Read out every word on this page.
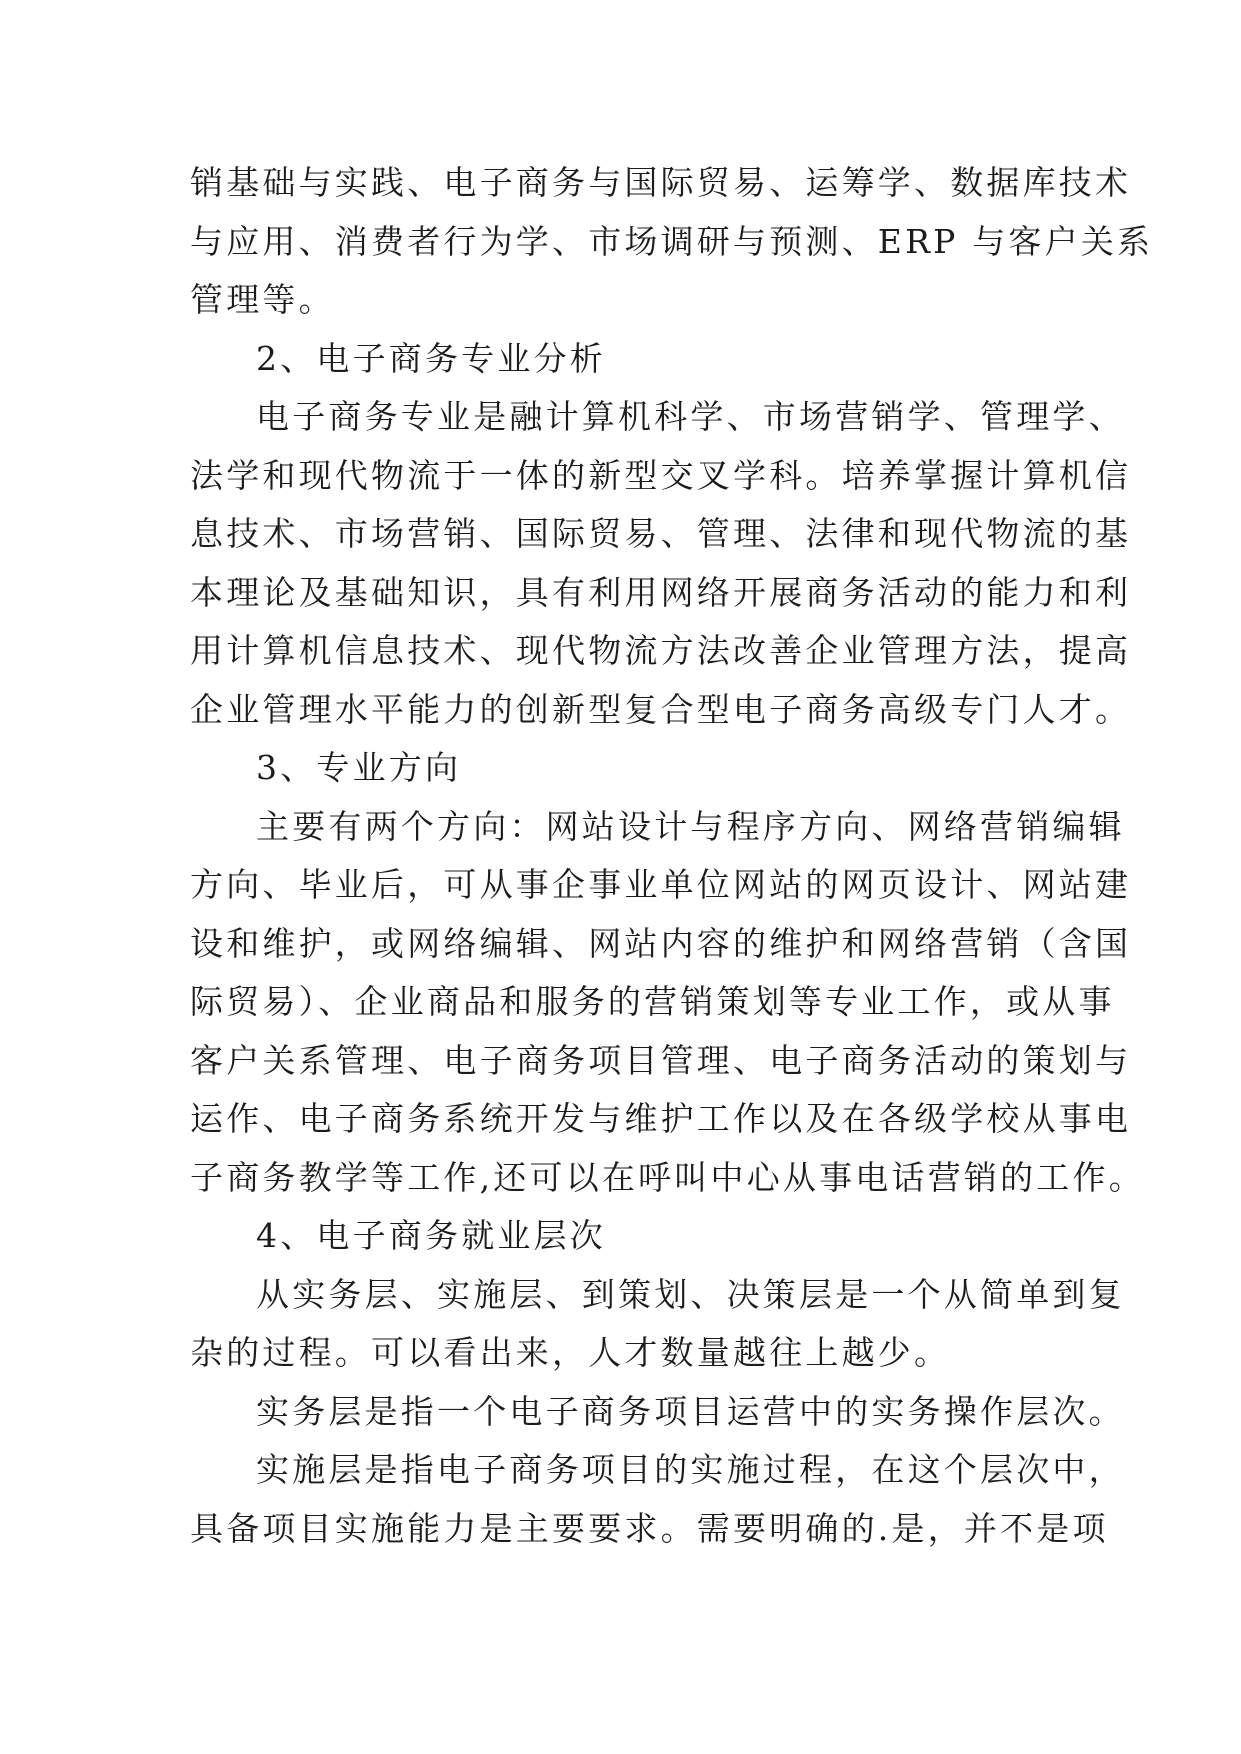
销基础与实践、电子商务与国际贸易、运筹学、数据库技术
与应用、消费者行为学、市场调研与预测、ERP 与客户关系
管理等。
2、电子商务专业分析
电子商务专业是融计算机科学、市场营销学、管理学、
法学和现代物流于一体的新型交叉学科。培养掌握计算机信
息技术、市场营销、国际贸易、管理、法律和现代物流的基
本理论及基础知识，具有利用网络开展商务活动的能力和利
用计算机信息技术、现代物流方法改善企业管理方法，提高
企业管理水平能力的创新型复合型电子商务高级专门人才。
3、专业方向
主要有两个方向：网站设计与程序方向、网络营销编辑
方向、毕业后，可从事企事业单位网站的网页设计、网站建
设和维护，或网络编辑、网站内容的维护和网络营销（含国
际贸易）、企业商品和服务的营销策划等专业工作，或从事
客户关系管理、电子商务项目管理、电子商务活动的策划与
运作、电子商务系统开发与维护工作以及在各级学校从事电
子商务教学等工作,还可以在呼叫中心从事电话营销的工作。
4、电子商务就业层次
从实务层、实施层、到策划、决策层是一个从简单到复
杂的过程。可以看出来，人才数量越往上越少。
实务层是指一个电子商务项目运营中的实务操作层次。
实施层是指电子商务项目的实施过程，在这个层次中，
具备项目实施能力是主要要求。需要明确的.是，并不是项
